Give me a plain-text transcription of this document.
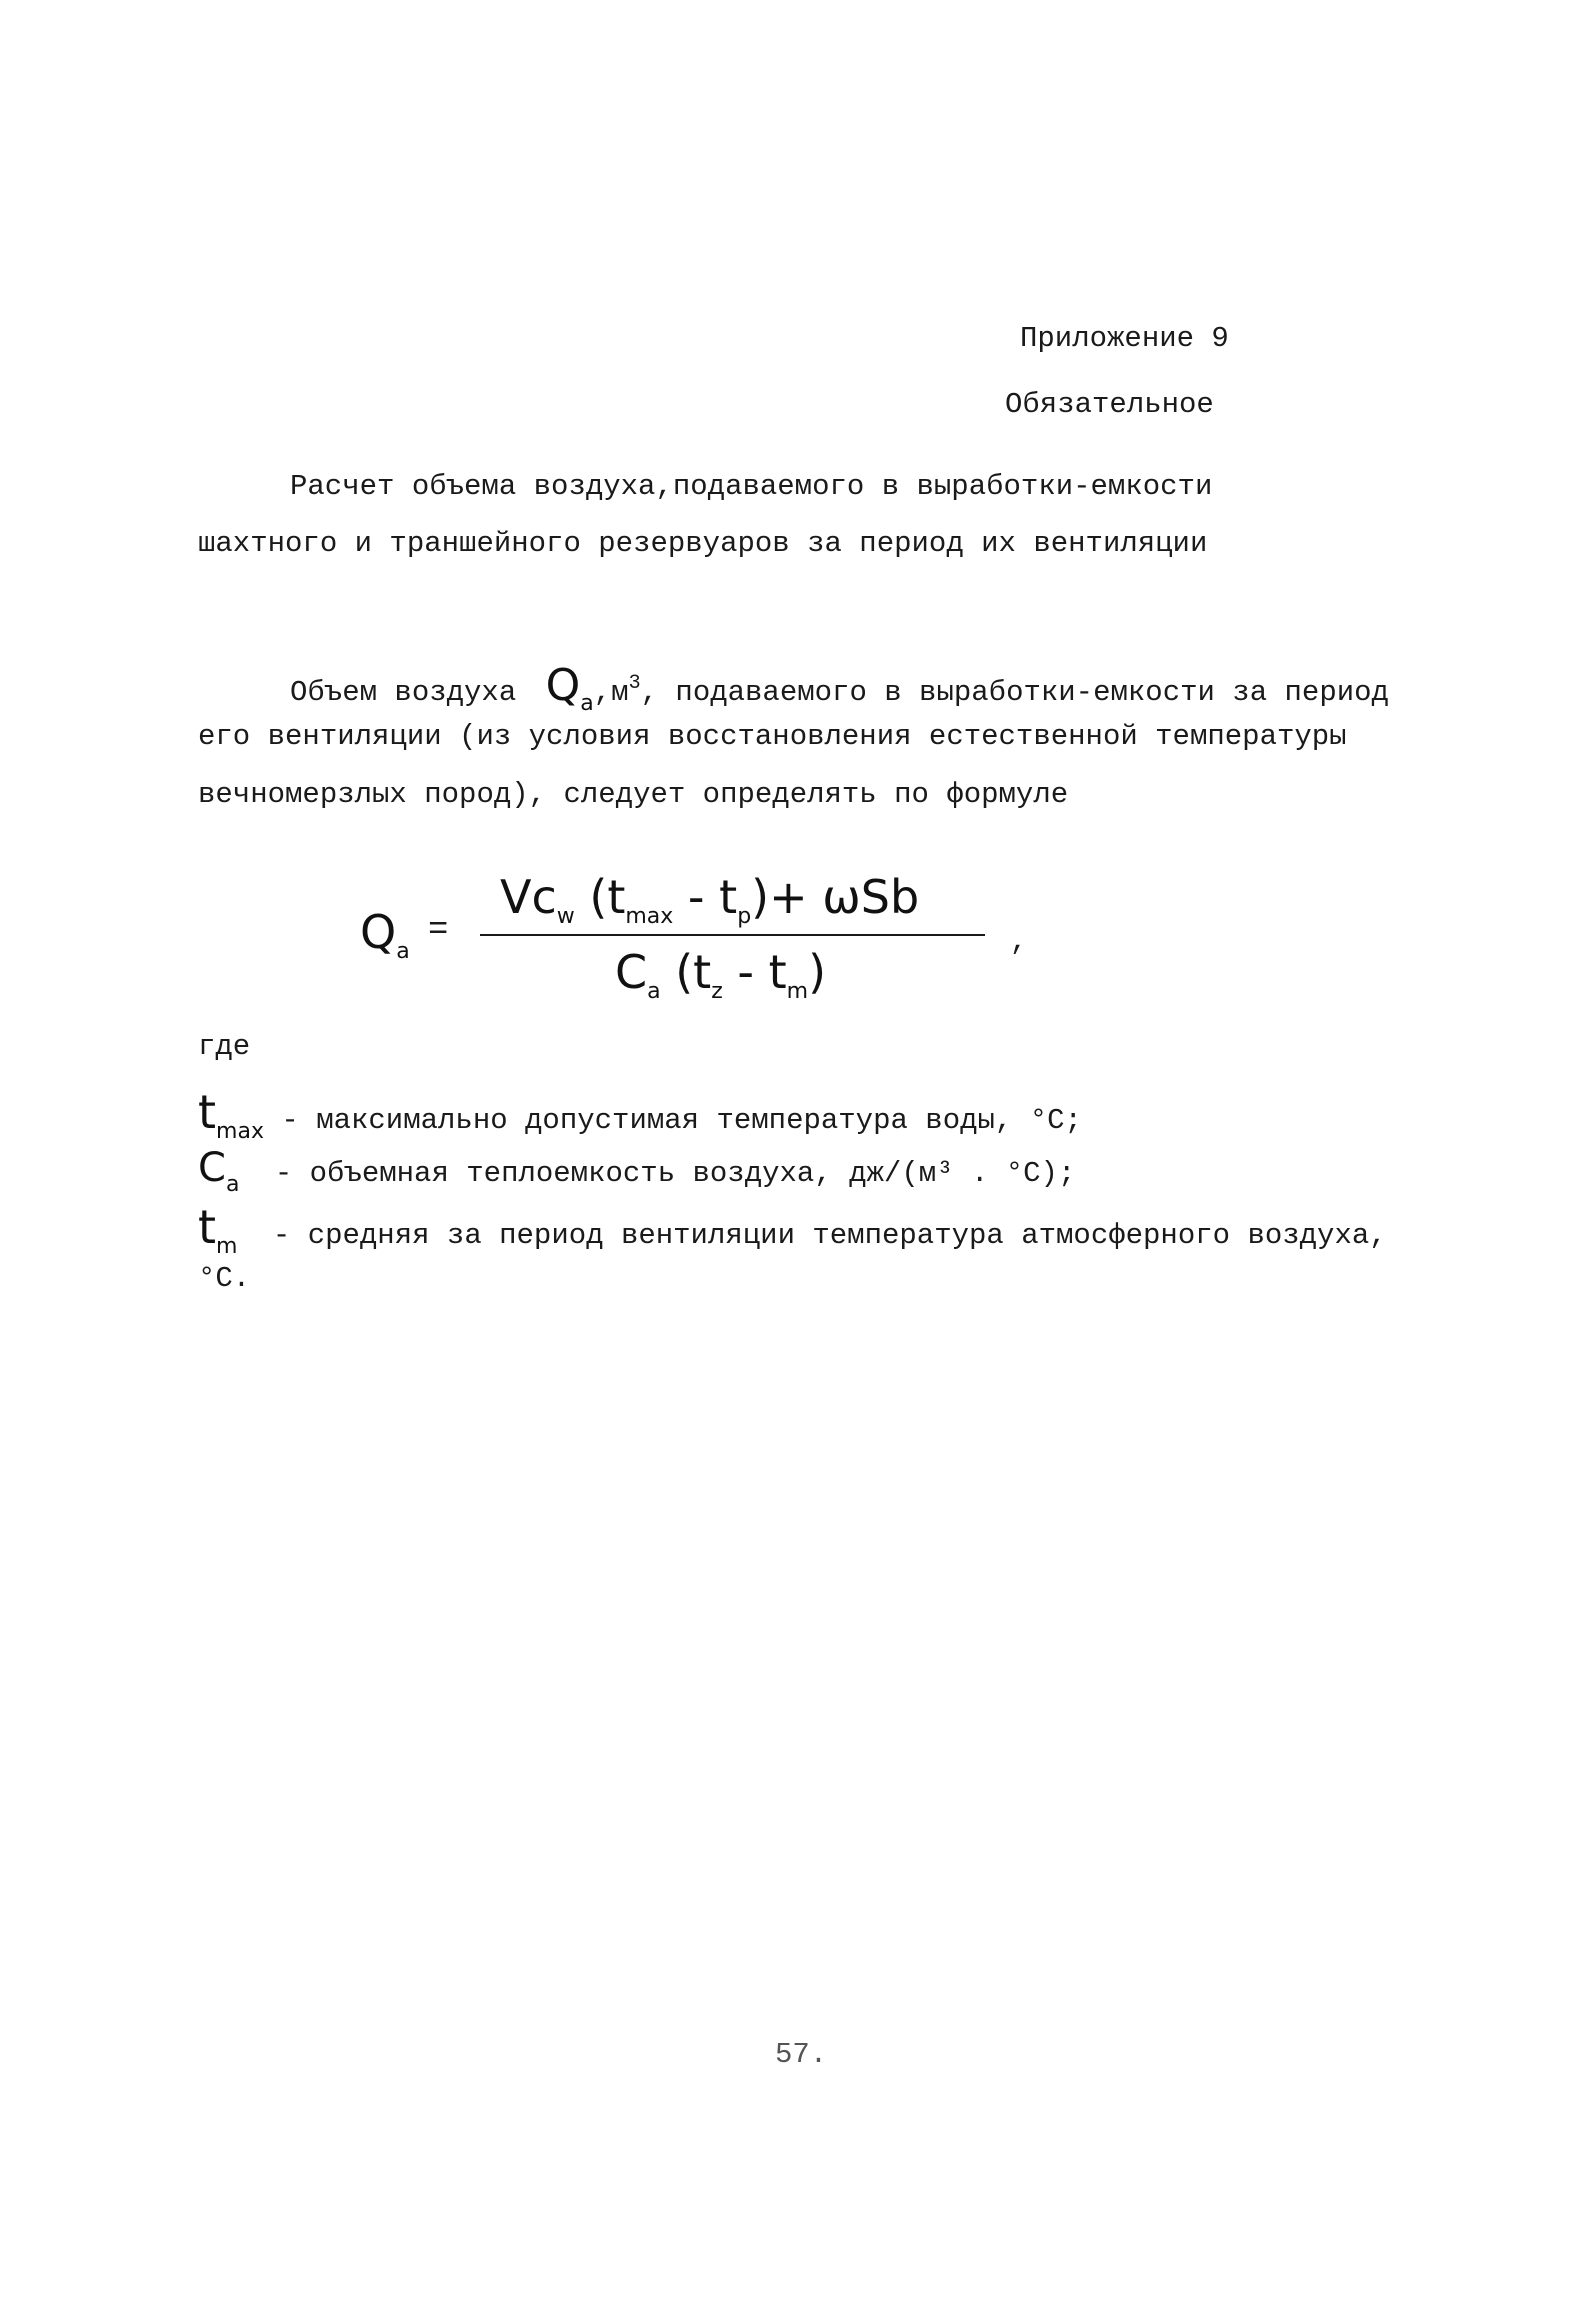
Приложение 9
Обязательное
Расчет объема воздуха,подаваемого в выработки-емкости
шахтного и траншейного резервуаров за период их вентиляции
Объем воздуха $Q_a,м^3$, подаваемого в выработки-емкости за период
его вентиляции (из условия восстановления естественной температуры
вечномерзлых пород), следует определять по формуле
$Q_a$
=
$Vc_w$ $(t_{max} - t_p)+ \omega Sb$
$C_a$ $(t_z - t_m)$
,
где
$t_{max}$ - максимально допустимая температура воды, °C;
$C_a$ - объемная теплоемкость воздуха, дж/(м³ . °C);
$t_m$ - средняя за период вентиляции температура атмосферного воздуха,
°C.
57.
